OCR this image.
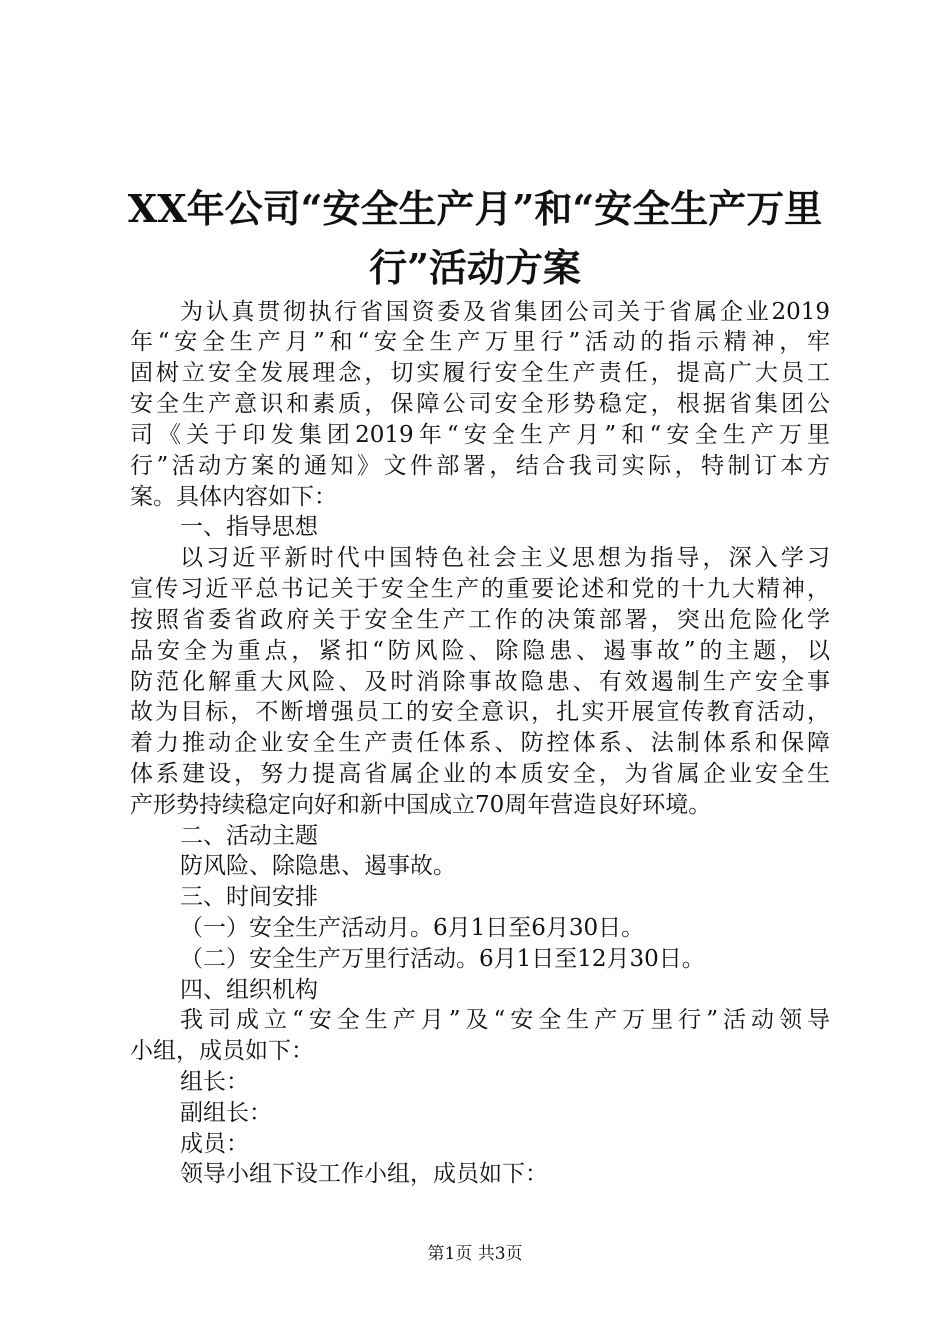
XX年公司“安全生产月”和“安全生产万里
行”活动方案
为认真贯彻执行省国资委及省集团公司关于省属企业2019
年“安全生产月”和“安全生产万里行”活动的指示精神，牢
固树立安全发展理念，切实履行安全生产责任，提高广大员工
安全生产意识和素质，保障公司安全形势稳定，根据省集团公
司《关于印发集团2019年“安全生产月”和“安全生产万里
行”活动方案的通知》文件部署，结合我司实际，特制订本方
案。具体内容如下：
一、指导思想
以习近平新时代中国特色社会主义思想为指导，深入学习
宣传习近平总书记关于安全生产的重要论述和党的十九大精神，
按照省委省政府关于安全生产工作的决策部署，突出危险化学
品安全为重点，紧扣“防风险、除隐患、遏事故”的主题，以
防范化解重大风险、及时消除事故隐患、有效遏制生产安全事
故为目标，不断增强员工的安全意识，扎实开展宣传教育活动，
着力推动企业安全生产责任体系、防控体系、法制体系和保障
体系建设，努力提高省属企业的本质安全，为省属企业安全生
产形势持续稳定向好和新中国成立70周年营造良好环境。
二、活动主题
防风险、除隐患、遏事故。
三、时间安排
（一）安全生产活动月。6月1日至6月30日。
（二）安全生产万里行活动。6月1日至12月30日。
四、组织机构
我司成立“安全生产月”及“安全生产万里行”活动领导
小组，成员如下：
组长：
副组长：
成员：
领导小组下设工作小组，成员如下：
第1页 共3页
